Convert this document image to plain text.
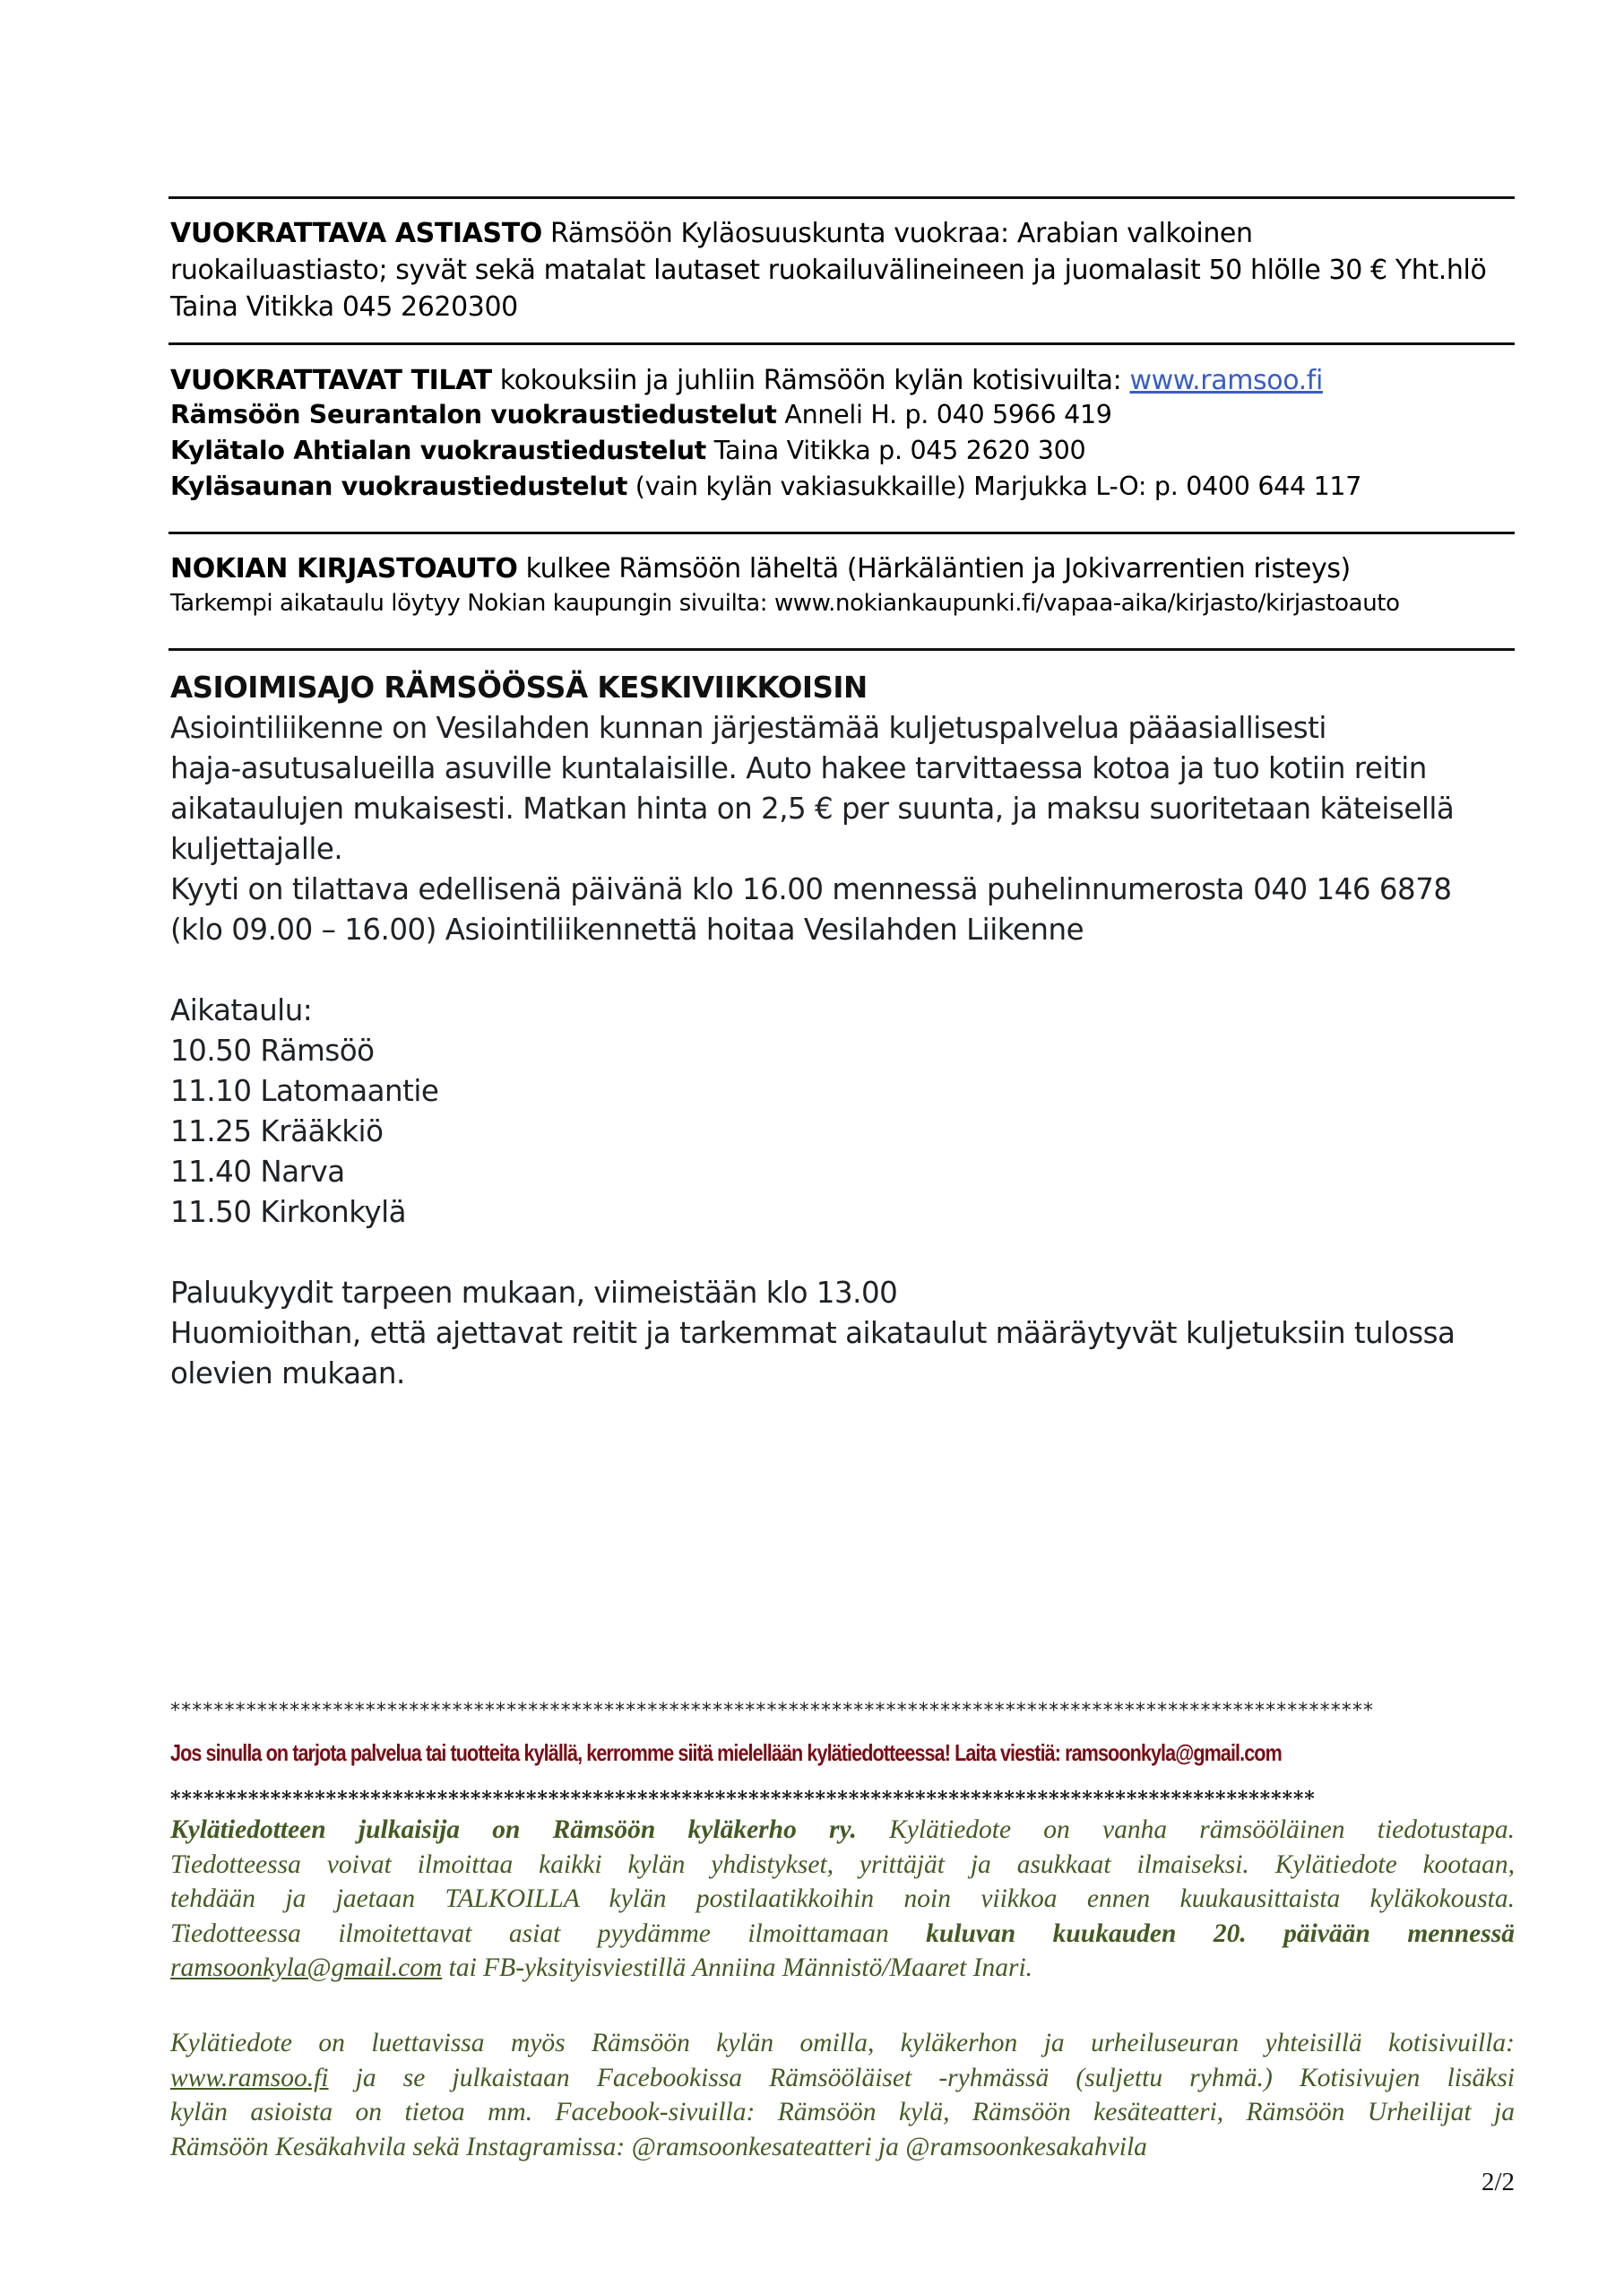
VUOKRATTAVA ASTIASTO Rämsöön Kyläosuuskunta vuokraa: Arabian valkoinen
ruokailuastiasto; syvät sekä matalat lautaset ruokailuvälineineen ja juomalasit 50 hlölle 30 € Yht.hlö
Taina Vitikka 045 2620300
VUOKRATTAVAT TILAT kokouksiin ja juhliin Rämsöön kylän kotisivuilta: www.ramsoo.fi
Rämsöön Seurantalon vuokraustiedustelut Anneli H. p. 040 5966 419
Kylätalo Ahtialan vuokraustiedustelut Taina Vitikka p. 045 2620 300
Kyläsaunan vuokraustiedustelut (vain kylän vakiasukkaille) Marjukka L-O: p. 0400 644 117
NOKIAN KIRJASTOAUTO kulkee Rämsöön läheltä (Härkäläntien ja Jokivarrentien risteys)
Tarkempi aikataulu löytyy Nokian kaupungin sivuilta: www.nokiankaupunki.fi/vapaa-aika/kirjasto/kirjastoauto
ASIOIMISAJO RÄMSÖÖSSÄ KESKIVIIKKOISIN
Asiointiliikenne on Vesilahden kunnan järjestämää kuljetuspalvelua pääasiallisesti
haja-asutusalueilla asuville kuntalaisille. Auto hakee tarvittaessa kotoa ja tuo kotiin reitin
aikataulujen mukaisesti. Matkan hinta on 2,5 € per suunta, ja maksu suoritetaan käteisellä
kuljettajalle.
Kyyti on tilattava edellisenä päivänä klo 16.00 mennessä puhelinnumerosta 040 146 6878
(klo 09.00 – 16.00) Asiointiliikennettä hoitaa Vesilahden Liikenne

Aikataulu:
10.50 Rämsöö
11.10 Latomaantie
11.25 Krääkkiö
11.40 Narva
11.50 Kirkonkylä

Paluukyydit tarpeen mukaan, viimeistään klo 13.00
Huomioithan, että ajettavat reitit ja tarkemmat aikataulut määräytyvät kuljetuksiin tulossa
olevien mukaan.
***************************************************************************************************************
Jos sinulla on tarjota palvelua tai tuotteita kylällä, kerromme siitä mielellään kylätiedotteessa! Laita viestiä: ramsoonkyla@gmail.com
*******************************************************************************************************
Kylätiedotteen julkaisija on Rämsöön kyläkerho ry. Kylätiedote on vanha rämsööläinen tiedotustapa.
Tiedotteessa voivat ilmoittaa kaikki kylän yhdistykset, yrittäjät ja asukkaat ilmaiseksi. Kylätiedote kootaan,
tehdään ja jaetaan TALKOILLA kylän postilaatikkoihin noin viikkoa ennen kuukausittaista kyläkokousta.
Tiedotteessa ilmoitettavat asiat pyydämme ilmoittamaan kuluvan kuukauden 20. päivään mennessä
ramsoonkyla@gmail.com tai FB-yksityisviestillä Anniina Männistö/Maaret Inari.
Kylätiedote on luettavissa myös Rämsöön kylän omilla, kyläkerhon ja urheiluseuran yhteisillä kotisivuilla:
www.ramsoo.fi ja se julkaistaan Facebookissa Rämsööläiset -ryhmässä (suljettu ryhmä.) Kotisivujen lisäksi
kylän asioista on tietoa mm. Facebook-sivuilla: Rämsöön kylä, Rämsöön kesäteatteri, Rämsöön Urheilijat ja
Rämsöön Kesäkahvila sekä Instagramissa: @ramsoonkesateatteri ja @ramsoonkesakahvila
2/2
